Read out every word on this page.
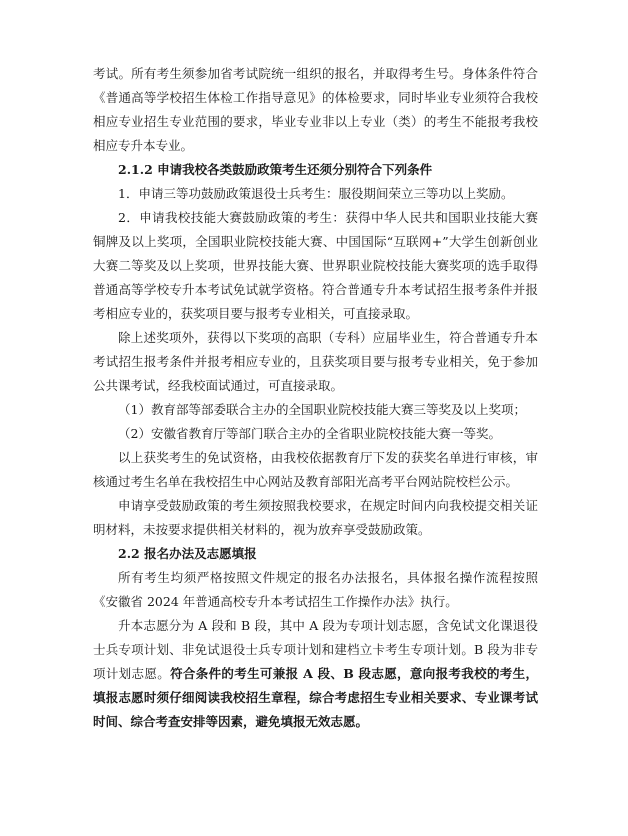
考试。所有考生须参加省考试院统一组织的报名，并取得考生号。身体条件符合《普通高等学校招生体检工作指导意见》的体检要求，同时毕业专业须符合我校相应专业招生专业范围的要求，毕业专业非以上专业（类）的考生不能报考我校相应专升本专业。

2.1.2 申请我校各类鼓励政策考生还须分别符合下列条件

1．申请三等功鼓励政策退役士兵考生：服役期间荣立三等功以上奖励。

2．申请我校技能大赛鼓励政策的考生：获得中华人民共和国职业技能大赛铜牌及以上奖项，全国职业院校技能大赛、中国国际“互联网+”大学生创新创业大赛二等奖及以上奖项，世界技能大赛、世界职业院校技能大赛奖项的选手取得普通高等学校专升本考试免试就学资格。符合普通专升本考试招生报考条件并报考相应专业的，获奖项目要与报考专业相关，可直接录取。

除上述奖项外，获得以下奖项的高职（专科）应届毕业生，符合普通专升本考试招生报考条件并报考相应专业的，且获奖项目要与报考专业相关，免于参加公共课考试，经我校面试通过，可直接录取。

（1）教育部等部委联合主办的全国职业院校技能大赛三等奖及以上奖项；

（2）安徽省教育厅等部门联合主办的全省职业院校技能大赛一等奖。

以上获奖考生的免试资格，由我校依据教育厅下发的获奖名单进行审核，审核通过考生名单在我校招生中心网站及教育部阳光高考平台网站院校栏公示。

申请享受鼓励政策的考生须按照我校要求，在规定时间内向我校提交相关证明材料，未按要求提供相关材料的，视为放弃享受鼓励政策。

2.2 报名办法及志愿填报

所有考生均须严格按照文件规定的报名办法报名，具体报名操作流程按照《安徽省 2024 年普通高校专升本考试招生工作操作办法》执行。

升本志愿分为 A 段和 B 段，其中 A 段为专项计划志愿，含免试文化课退役士兵专项计划、非免试退役士兵专项计划和建档立卡考生专项计划。B 段为非专项计划志愿。符合条件的考生可兼报 A 段、B 段志愿，意向报考我校的考生，填报志愿时须仔细阅读我校招生章程，综合考虑招生专业相关要求、专业课考试时间、综合考查安排等因素，避免填报无效志愿。
